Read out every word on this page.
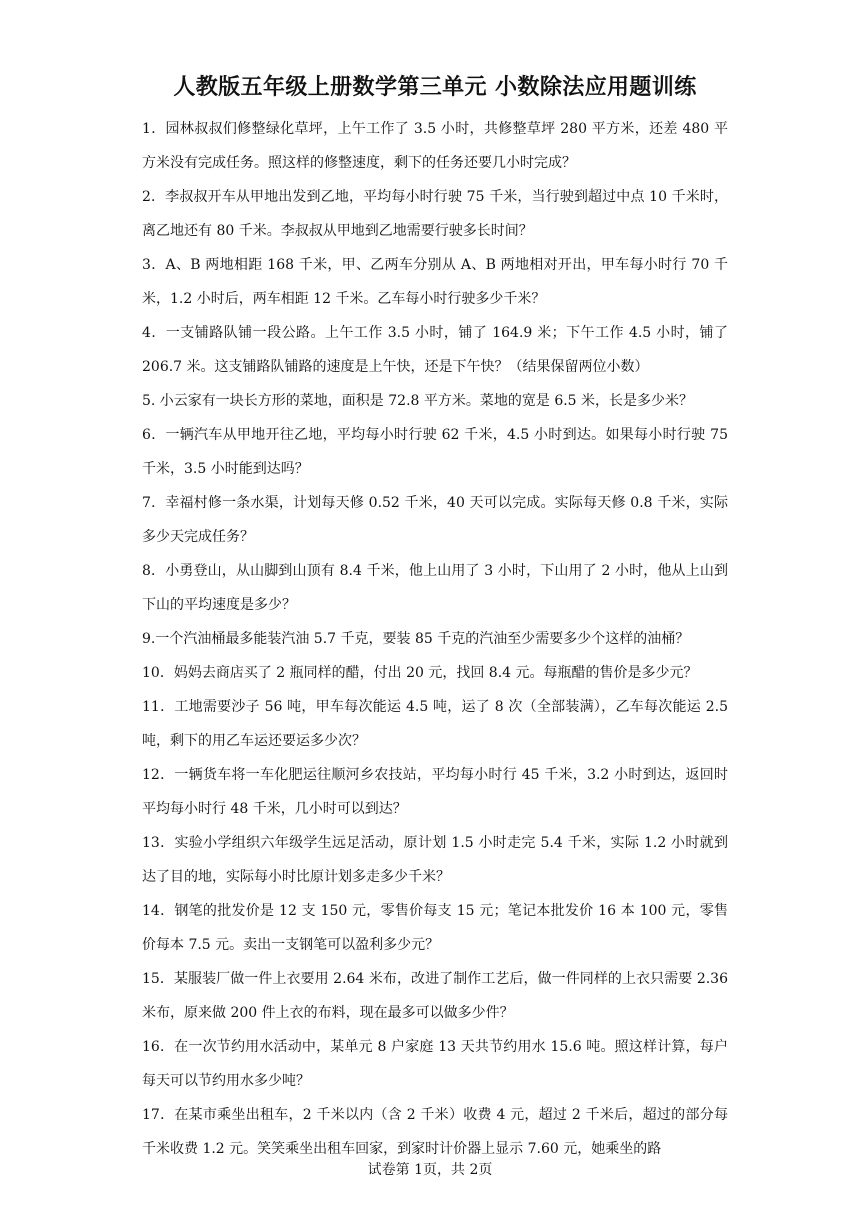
人教版五年级上册数学第三单元 小数除法应用题训练

1．园林叔叔们修整绿化草坪，上午工作了 3.5 小时，共修整草坪 280 平方米，还差 480 平方米没有完成任务。照这样的修整速度，剩下的任务还要几小时完成？

2．李叔叔开车从甲地出发到乙地，平均每小时行驶 75 千米，当行驶到超过中点 10 千米时，离乙地还有 80 千米。李叔叔从甲地到乙地需要行驶多长时间？

3．A、B 两地相距 168 千米，甲、乙两车分别从 A、B 两地相对开出，甲车每小时行 70 千米，1.2 小时后，两车相距 12 千米。乙车每小时行驶多少千米？

4．一支铺路队铺一段公路。上午工作 3.5 小时，铺了 164.9 米；下午工作 4.5 小时，铺了 206.7 米。这支铺路队铺路的速度是上午快，还是下午快？（结果保留两位小数）

5. 小云家有一块长方形的菜地，面积是 72.8 平方米。菜地的宽是 6.5 米，长是多少米？

6．一辆汽车从甲地开往乙地，平均每小时行驶 62 千米，4.5 小时到达。如果每小时行驶 75 千米，3.5 小时能到达吗？

7．幸福村修一条水渠，计划每天修 0.52 千米，40 天可以完成。实际每天修 0.8 千米，实际多少天完成任务？

8．小勇登山，从山脚到山顶有 8.4 千米，他上山用了 3 小时，下山用了 2 小时，他从上山到下山的平均速度是多少？

9.一个汽油桶最多能装汽油 5.7 千克，要装 85 千克的汽油至少需要多少个这样的油桶？

10．妈妈去商店买了 2 瓶同样的醋，付出 20 元，找回 8.4 元。每瓶醋的售价是多少元？

11．工地需要沙子 56 吨，甲车每次能运 4.5 吨，运了 8 次（全部装满），乙车每次能运 2.5 吨，剩下的用乙车运还要运多少次？

12．一辆货车将一车化肥运往顺河乡农技站，平均每小时行 45 千米，3.2 小时到达，返回时平均每小时行 48 千米，几小时可以到达？

13．实验小学组织六年级学生远足活动，原计划 1.5 小时走完 5.4 千米，实际 1.2 小时就到达了目的地，实际每小时比原计划多走多少千米？

14．钢笔的批发价是 12 支 150 元，零售价每支 15 元；笔记本批发价 16 本 100 元，零售价每本 7.5 元。卖出一支钢笔可以盈利多少元？

15．某服装厂做一件上衣要用 2.64 米布，改进了制作工艺后，做一件同样的上衣只需要 2.36 米布，原来做 200 件上衣的布料，现在最多可以做多少件？

16．在一次节约用水活动中，某单元 8 户家庭 13 天共节约用水 15.6 吨。照这样计算，每户每天可以节约用水多少吨？

17．在某市乘坐出租车，2 千米以内（含 2 千米）收费 4 元，超过 2 千米后，超过的部分每千米收费 1.2 元。笑笑乘坐出租车回家，到家时计价器上显示 7.60 元，她乘坐的路

试卷第 1页，共 2页
